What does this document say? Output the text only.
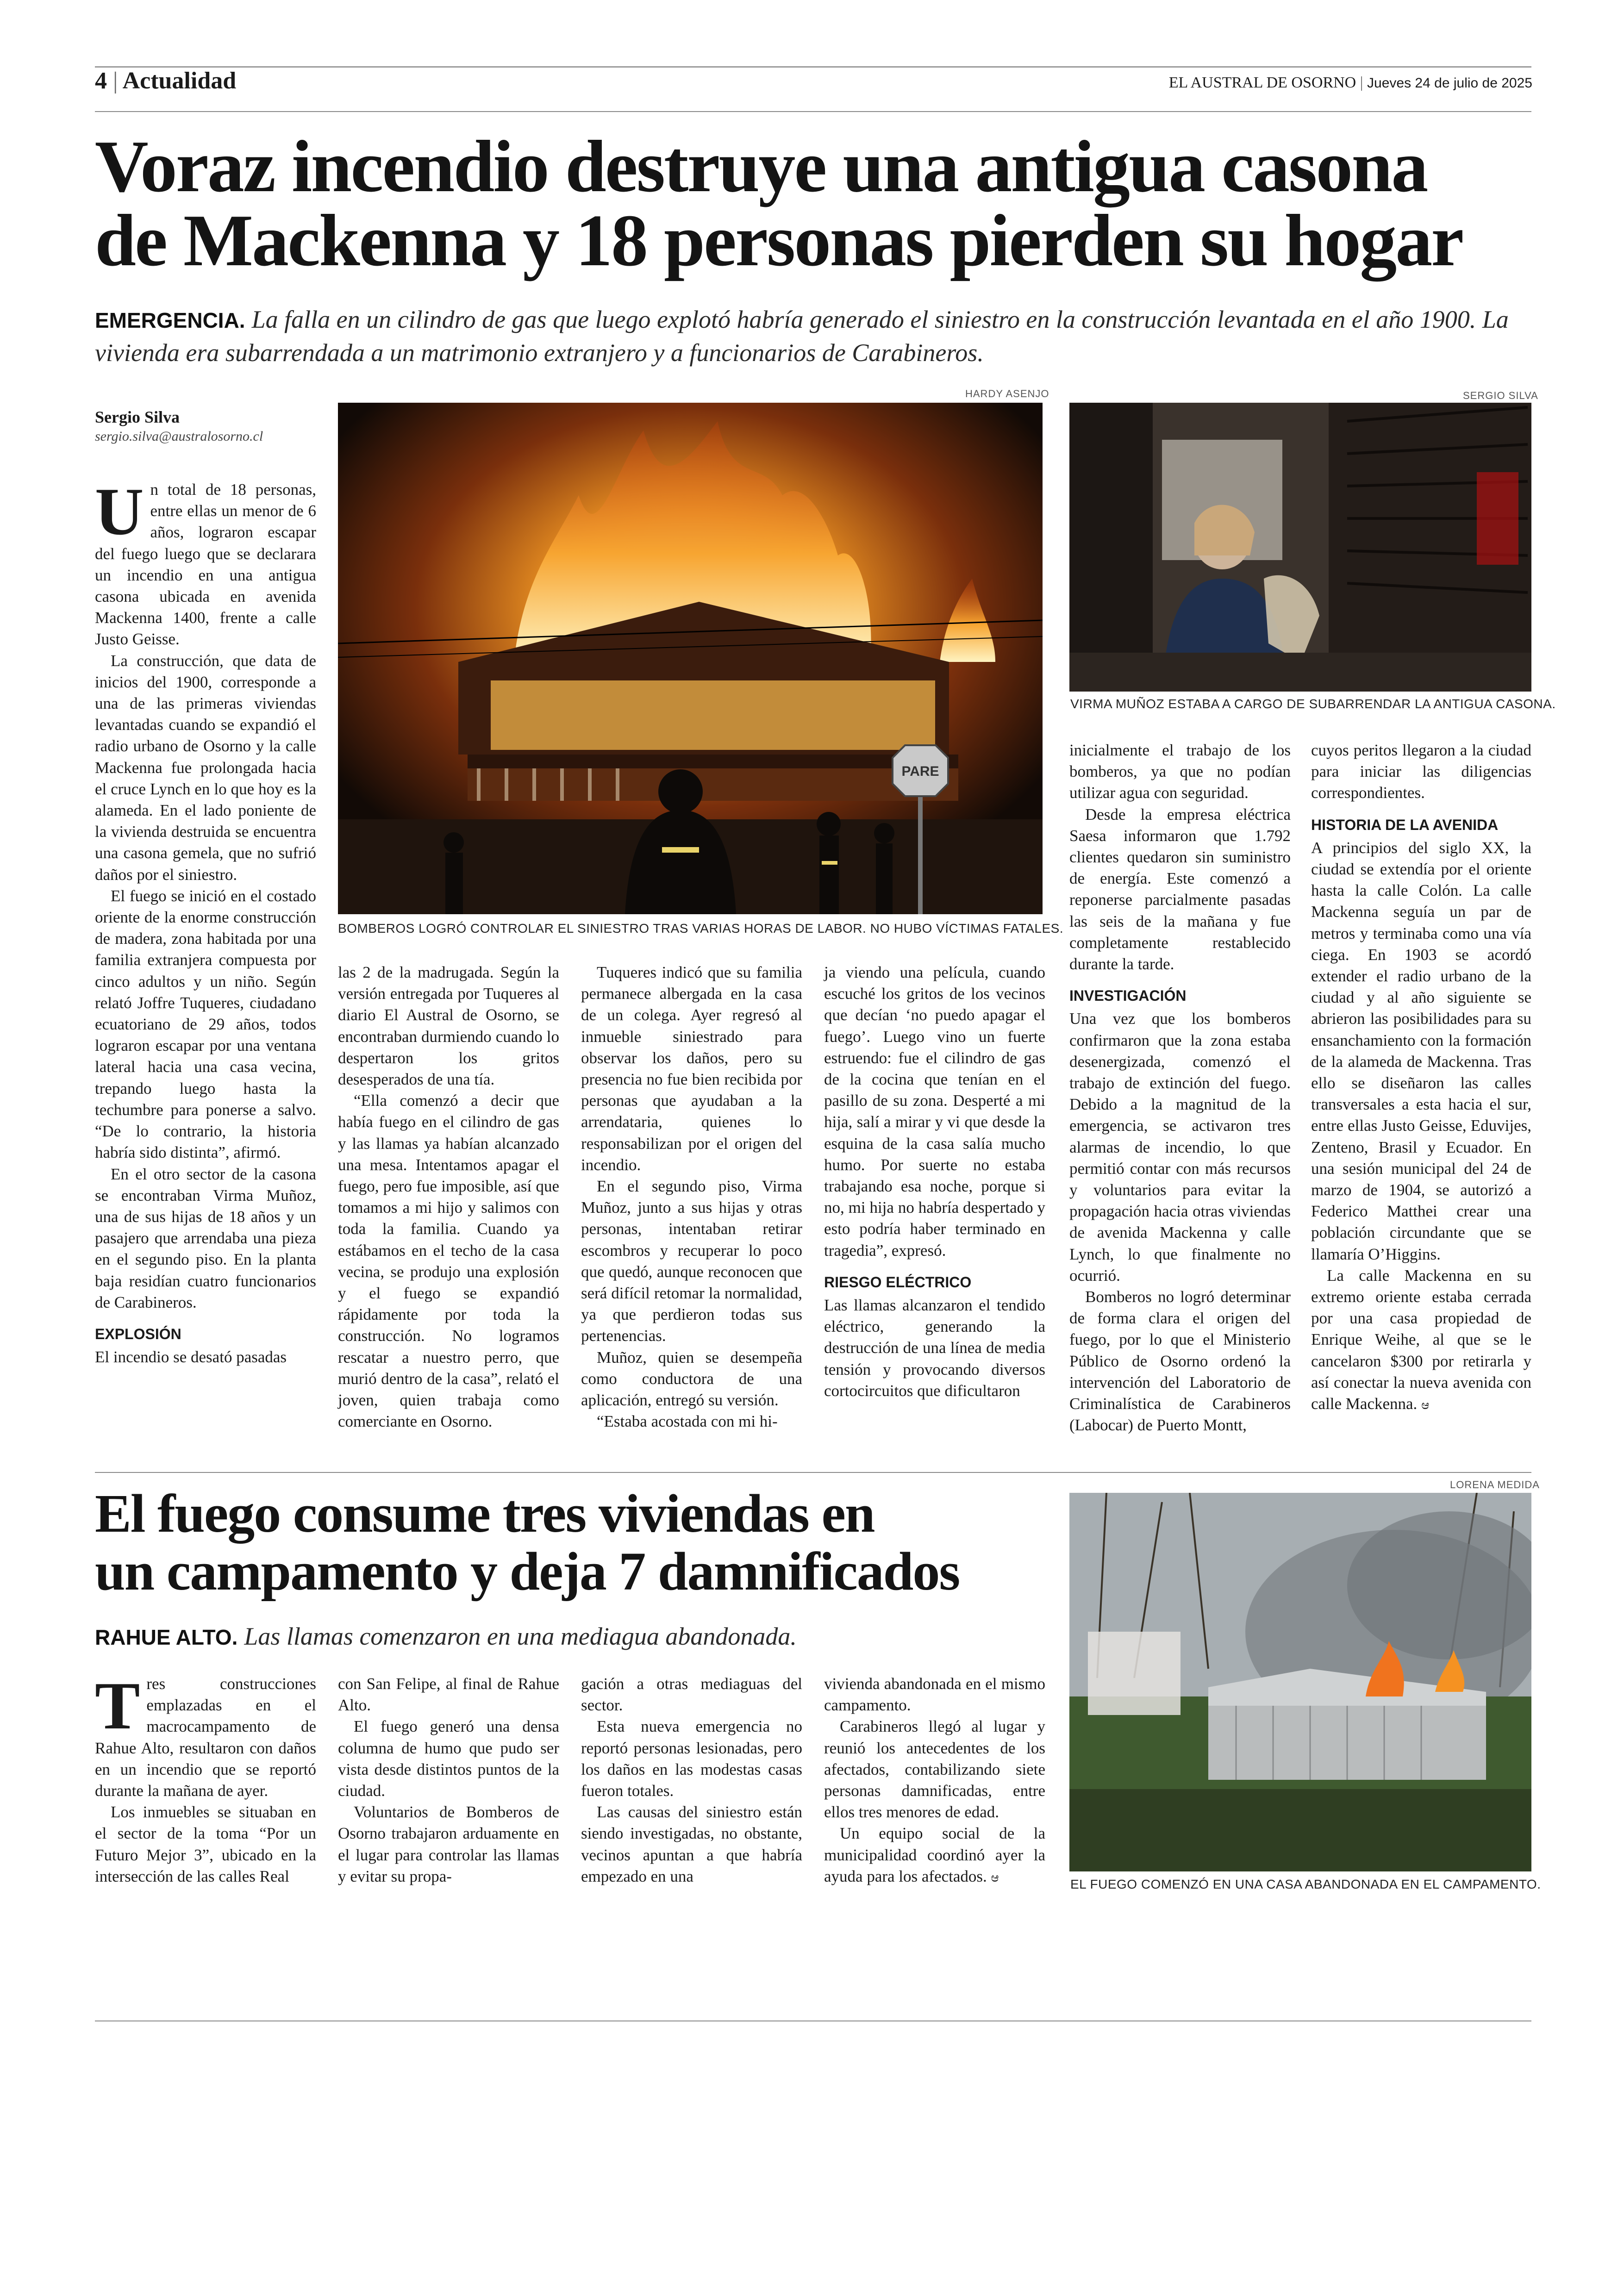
4 | Actualidad	EL AUSTRAL DE OSORNO | Jueves 24 de julio de 2025
Voraz incendio destruye una antigua casona
de Mackenna y 18 personas pierden su hogar
EMERGENCIA. La falla en un cilindro de gas que luego explotó habría generado el siniestro en la construcción levantada en el año 1900. La vivienda era subarrendada a un matrimonio extranjero y a funcionarios de Carabineros.
Sergio Silva
sergio.silva@australosorno.cl
HARDY ASENJO
PARE
BOMBEROS LOGRÓ CONTROLAR EL SINIESTRO TRAS VARIAS HORAS DE LABOR. NO HUBO VÍCTIMAS FATALES.
SERGIO SILVA
VIRMA MUÑOZ ESTABA A CARGO DE SUBARRENDAR LA ANTIGUA CASONA.

Un total de 18 personas, entre ellas un menor de 6 años, lograron escapar del fuego luego que se declarara un incendio en una antigua casona ubicada en avenida Mackenna 1400, frente a calle Justo Geisse.

La construcción, que data de inicios del 1900, corresponde a una de las primeras viviendas levantadas cuando se expandió el radio urbano de Osorno y la calle Mackenna fue prolongada hacia el cruce Lynch en lo que hoy es la alameda. En el lado poniente de la vivienda destruida se encuentra una casona gemela, que no sufrió daños por el siniestro.

El fuego se inició en el costado oriente de la enorme construcción de madera, zona habitada por una familia extranjera compuesta por cinco adultos y un niño. Según relató Joffre Tuqueres, ciudadano ecuatoriano de 29 años, todos lograron escapar por una ventana lateral hacia una casa vecina, trepando luego hasta la techumbre para ponerse a salvo. “De lo contrario, la historia habría sido distinta”, afirmó.

En el otro sector de la casona se encontraban Virma Muñoz, una de sus hijas de 18 años y un pasajero que arrendaba una pieza en el segundo piso. En la planta baja residían cuatro funcionarios de Carabineros.

EXPLOSIÓN

El incendio se desató pasadas

las 2 de la madrugada. Según la versión entregada por Tuqueres al diario El Austral de Osorno, se encontraban durmiendo cuando lo despertaron los gritos desesperados de una tía.

“Ella comenzó a decir que había fuego en el cilindro de gas y las llamas ya habían alcanzado una mesa. Intentamos apagar el fuego, pero fue imposible, así que tomamos a mi hijo y salimos con toda la familia. Cuando ya estábamos en el techo de la casa vecina, se produjo una explosión y el fuego se expandió rápidamente por toda la construcción. No logramos rescatar a nuestro perro, que murió dentro de la casa”, relató el joven, quien trabaja como comerciante en Osorno.

Tuqueres indicó que su familia permanece albergada en la casa de un colega. Ayer regresó al inmueble siniestrado para observar los daños, pero su presencia no fue bien recibida por personas que ayudaban a la arrendataria, quienes lo responsabilizan por el origen del incendio.

En el segundo piso, Virma Muñoz, junto a sus hijas y otras personas, intentaban retirar escombros y recuperar lo poco que quedó, aunque reconocen que será difícil retomar la normalidad, ya que perdieron todas sus pertenencias.

Muñoz, quien se desempeña como conductora de una aplicación, entregó su versión.

“Estaba acostada con mi hi-

ja viendo una película, cuando escuché los gritos de los vecinos que decían ‘no puedo apagar el fuego’. Luego vino un fuerte estruendo: fue el cilindro de gas de la cocina que tenían en el pasillo de su zona. Desperté a mi hija, salí a mirar y vi que desde la esquina de la casa salía mucho humo. Por suerte no estaba trabajando esa noche, porque si no, mi hija no habría despertado y esto podría haber terminado en tragedia”, expresó.

RIESGO ELÉCTRICO

Las llamas alcanzaron el tendido eléctrico, generando la destrucción de una línea de media tensión y provocando diversos cortocircuitos que dificultaron

inicialmente el trabajo de los bomberos, ya que no podían utilizar agua con seguridad.

Desde la empresa eléctrica Saesa informaron que 1.792 clientes quedaron sin suministro de energía. Este comenzó a reponerse parcialmente pasadas las seis de la mañana y fue completamente restablecido durante la tarde.

INVESTIGACIÓN

Una vez que los bomberos confirmaron que la zona estaba desenergizada, comenzó el trabajo de extinción del fuego. Debido a la magnitud de la emergencia, se activaron tres alarmas de incendio, lo que permitió contar con más recursos y voluntarios para evitar la propagación hacia otras viviendas de avenida Mackenna y calle Lynch, lo que finalmente no ocurrió.

Bomberos no logró determinar de forma clara el origen del fuego, por lo que el Ministerio Público de Osorno ordenó la intervención del Laboratorio de Criminalística de Carabineros (Labocar) de Puerto Montt,

cuyos peritos llegaron a la ciudad para iniciar las diligencias correspondientes.

HISTORIA DE LA AVENIDA

A principios del siglo XX, la ciudad se extendía por el oriente hasta la calle Colón. La calle Mackenna seguía un par de metros y terminaba como una vía ciega. En 1903 se acordó extender el radio urbano de la ciudad y al año siguiente se abrieron las posibilidades para su ensanchamiento con la formación de la alameda de Mackenna. Tras ello se diseñaron las calles transversales a esta hacia el sur, entre ellas Justo Geisse, Eduvijes, Zenteno, Brasil y Ecuador. En una sesión municipal del 24 de marzo de 1904, se autorizó a Federico Matthei crear una población circundante que se llamaría O’Higgins.

La calle Mackenna en su extremo oriente estaba cerrada por una casa propiedad de Enrique Weihe, al que se le cancelaron $300 por retirarla y así conectar la nueva avenida con calle Mackenna. ಆ

El fuego consume tres viviendas en
un campamento y deja 7 damnificados
RAHUE ALTO. Las llamas comenzaron en una mediagua abandonada.
LORENA MEDIDA
EL FUEGO COMENZÓ EN UNA CASA ABANDONADA EN EL CAMPAMENTO.

Tres construcciones emplazadas en el macrocampamento de Rahue Alto, resultaron con daños en un incendio que se reportó durante la mañana de ayer.

Los inmuebles se situaban en el sector de la toma “Por un Futuro Mejor 3”, ubicado en la intersección de las calles Real

con San Felipe, al final de Rahue Alto.

El fuego generó una densa columna de humo que pudo ser vista desde distintos puntos de la ciudad.

Voluntarios de Bomberos de Osorno trabajaron arduamente en el lugar para controlar las llamas y evitar su propa-

gación a otras mediaguas del sector.

Esta nueva emergencia no reportó personas lesionadas, pero los daños en las modestas casas fueron totales.

Las causas del siniestro están siendo investigadas, no obstante, vecinos apuntan a que habría empezado en una

vivienda abandonada en el mismo campamento.

Carabineros llegó al lugar y reunió los antecedentes de los afectados, contabilizando siete personas damnificadas, entre ellos tres menores de edad.

Un equipo social de la municipalidad coordinó ayer la ayuda para los afectados. ಆ
